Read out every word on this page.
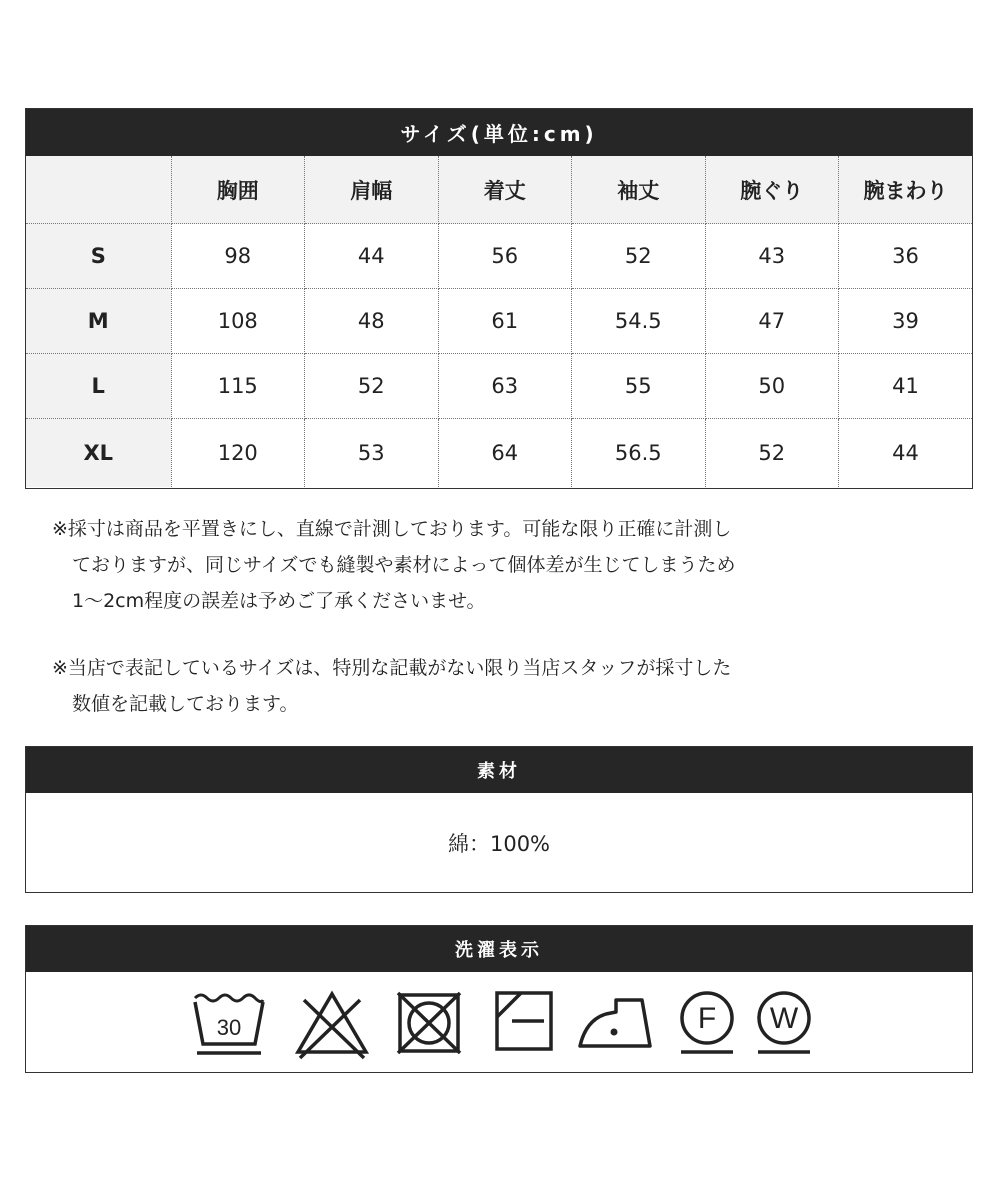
サイズ(単位:cm)
	胸囲	肩幅	着丈	袖丈	腕ぐり	腕まわり
S	98	44	56	52	43	36
M	108	48	61	54.5	47	39
L	115	52	63	55	50	41
XL	120	53	64	56.5	52	44
※採寸は商品を平置きにし、直線で計測しております。可能な限り正確に計測し
ておりますが、同じサイズでも縫製や素材によって個体差が生じてしまうため
1～2cm程度の誤差は予めご了承くださいませ。
※当店で表記しているサイズは、特別な記載がない限り当店スタッフが採寸した
数値を記載しております。
素材
綿：100%
洗濯表示
30	F W
